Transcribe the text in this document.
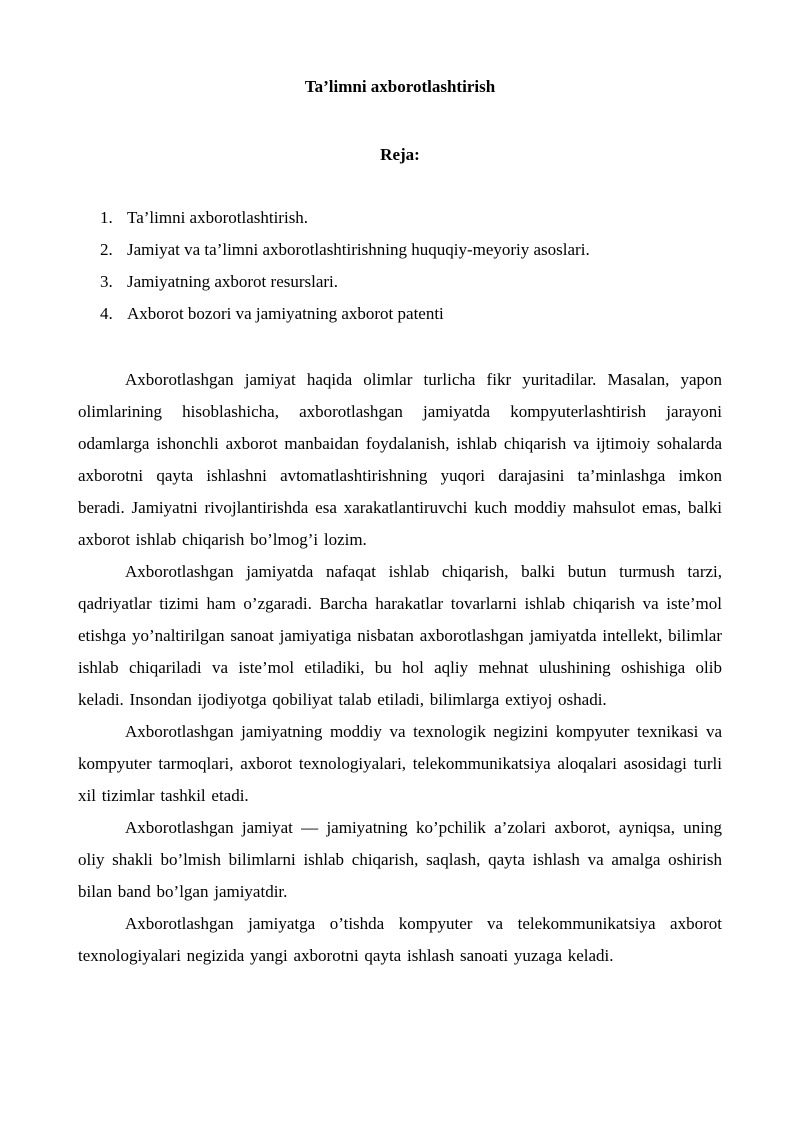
Ta’limni axborotlashtirish
Reja:
1. Ta’limni axborotlashtirish.
2. Jamiyat va ta’limni axborotlashtirishning huquqiy-meyoriy asoslari.
3. Jamiyatning axborot resurslari.
4. Axborot bozori va jamiyatning axborot patenti

Axborotlashgan jamiyat haqida olimlar turlicha fikr yuritadilar. Masalan, yapon olimlarining hisoblashicha, axborotlashgan jamiyatda kompyuterlashtirish jarayoni odamlarga ishonchli axborot manbaidan foydalanish, ishlab chiqarish va ijtimoiy sohalarda axborotni qayta ishlashni avtomatlashtirishning yuqori darajasini ta’minlashga imkon beradi. Jamiyatni rivojlantirishda esa xarakatlantiruvchi kuch moddiy mahsulot emas, balki axborot ishlab chiqarish bo’lmog’i lozim.

Axborotlashgan jamiyatda nafaqat ishlab chiqarish, balki butun turmush tarzi, qadriyatlar tizimi ham o’zgaradi. Barcha harakatlar tovarlarni ishlab chiqarish va iste’mol etishga yo’naltirilgan sanoat jamiyatiga nisbatan axborotlashgan jamiyatda intellekt, bilimlar ishlab chiqariladi va iste’mol etiladiki, bu hol aqliy mehnat ulushining oshishiga olib keladi. Insondan ijodiyotga qobiliyat talab etiladi, bilimlarga extiyoj oshadi.

Axborotlashgan jamiyatning moddiy va texnologik negizini kompyuter texnikasi va kompyuter tarmoqlari, axborot texnologiyalari, telekommunikatsiya aloqalari asosidagi turli xil tizimlar tashkil etadi.

Axborotlashgan jamiyat — jamiyatning ko’pchilik a’zolari axborot, ayniqsa, uning oliy shakli bo’lmish bilimlarni ishlab chiqarish, saqlash, qayta ishlash va amalga oshirish bilan band bo’lgan jamiyatdir.

Axborotlashgan jamiyatga o’tishda kompyuter va telekommunikatsiya axborot texnologiyalari negizida yangi axborotni qayta ishlash sanoati yuzaga keladi.
